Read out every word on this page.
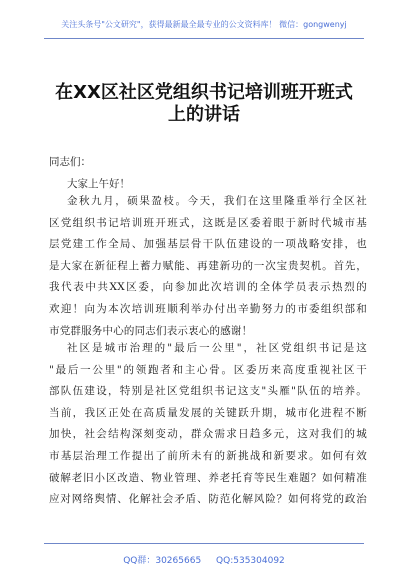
关注头条号"公文研究"，获得最新最全最专业的公文资料库！ 微信：gongwenyj
在XX区社区党组织书记培训班开班式
上的讲话
同志们：
大家上午好！
金秋九月，硕果盈枝。今天，我们在这里隆重举行全区社
区党组织书记培训班开班式，这既是区委着眼于新时代城市基
层党建工作全局、加强基层骨干队伍建设的一项战略安排，也
是大家在新征程上蓄力赋能、再建新功的一次宝贵契机。首先，
我代表中共XX区委，向参加此次培训的全体学员表示热烈的
欢迎！向为本次培训班顺利举办付出辛勤努力的市委组织部和
市党群服务中心的同志们表示衷心的感谢！
社区是城市治理的"最后一公里"，社区党组织书记是这
"最后一公里"的领跑者和主心骨。区委历来高度重视社区干
部队伍建设，特别是社区党组织书记这支"头雁"队伍的培养。
当前，我区正处在高质量发展的关键跃升期，城市化进程不断
加快，社会结构深刻变动，群众需求日趋多元，这对我们的城
市基层治理工作提出了前所未有的新挑战和新要求。如何有效
破解老旧小区改造、物业管理、养老托育等民生难题？如何精准
应对网络舆情、化解社会矛盾、防范化解风险？如何将党的政治
QQ群：30265665 QQ:535304092
